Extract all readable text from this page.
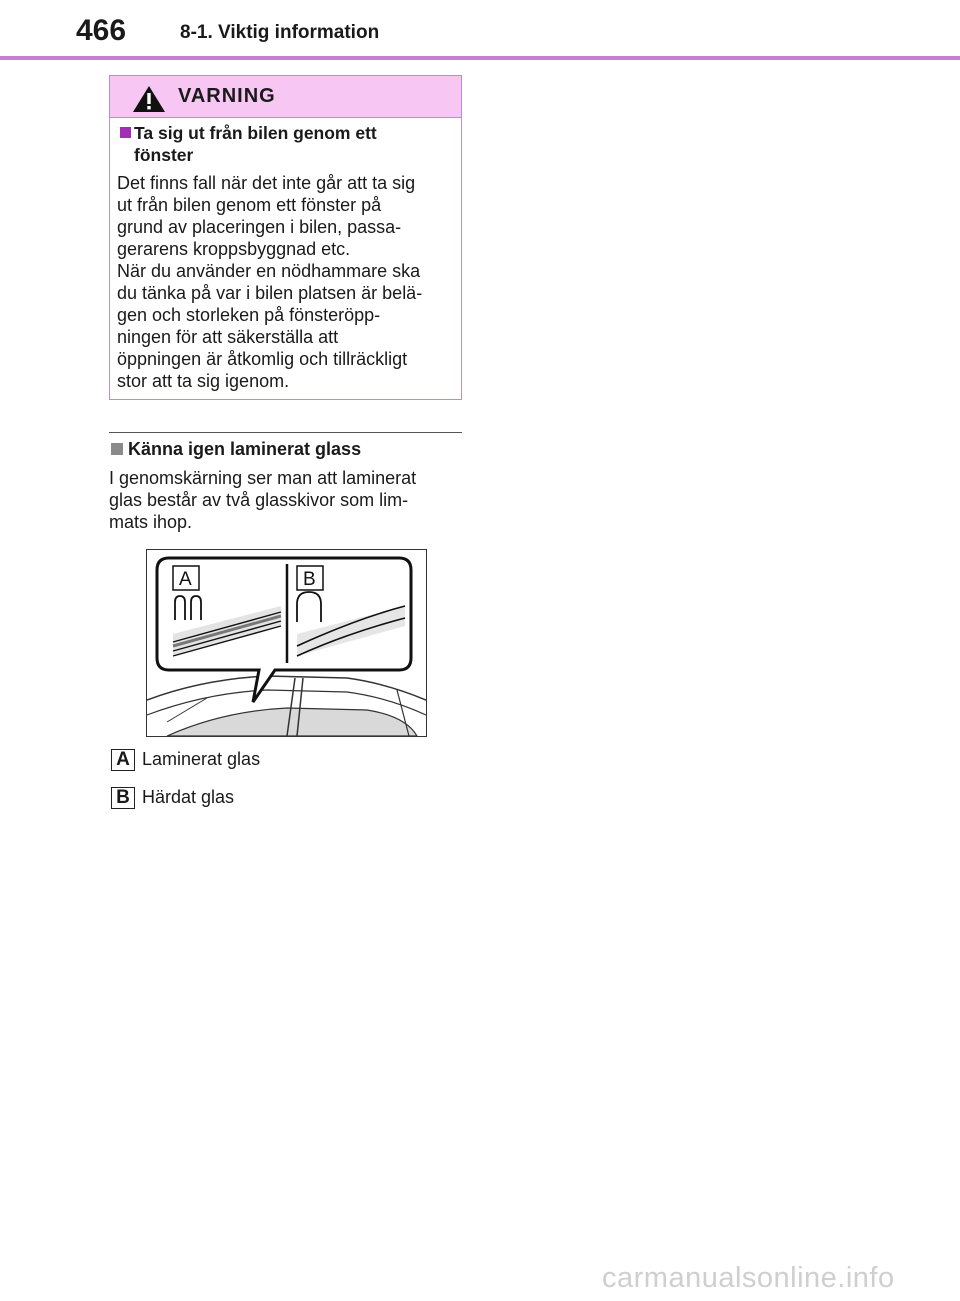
466	8-1. Viktig information
VARNING
Ta sig ut från bilen genom ett
fönster

Det finns fall när det inte går att ta sig

ut från bilen genom ett fönster på

grund av placeringen i bilen, passa-

gerarens kroppsbyggnad etc.

När du använder en nödhammare ska

du tänka på var i bilen platsen är belä-

gen och storleken på fönsteröpp-

ningen för att säkerställa att

öppningen är åtkomlig och tillräckligt

stor att ta sig igenom.

Känna igen laminerat glass
I genomskärning ser man att laminerat
glas består av två glasskivor som lim-
mats ihop.
A	B
A Laminerat glas
B Härdat glas
carmanualsonline.info
